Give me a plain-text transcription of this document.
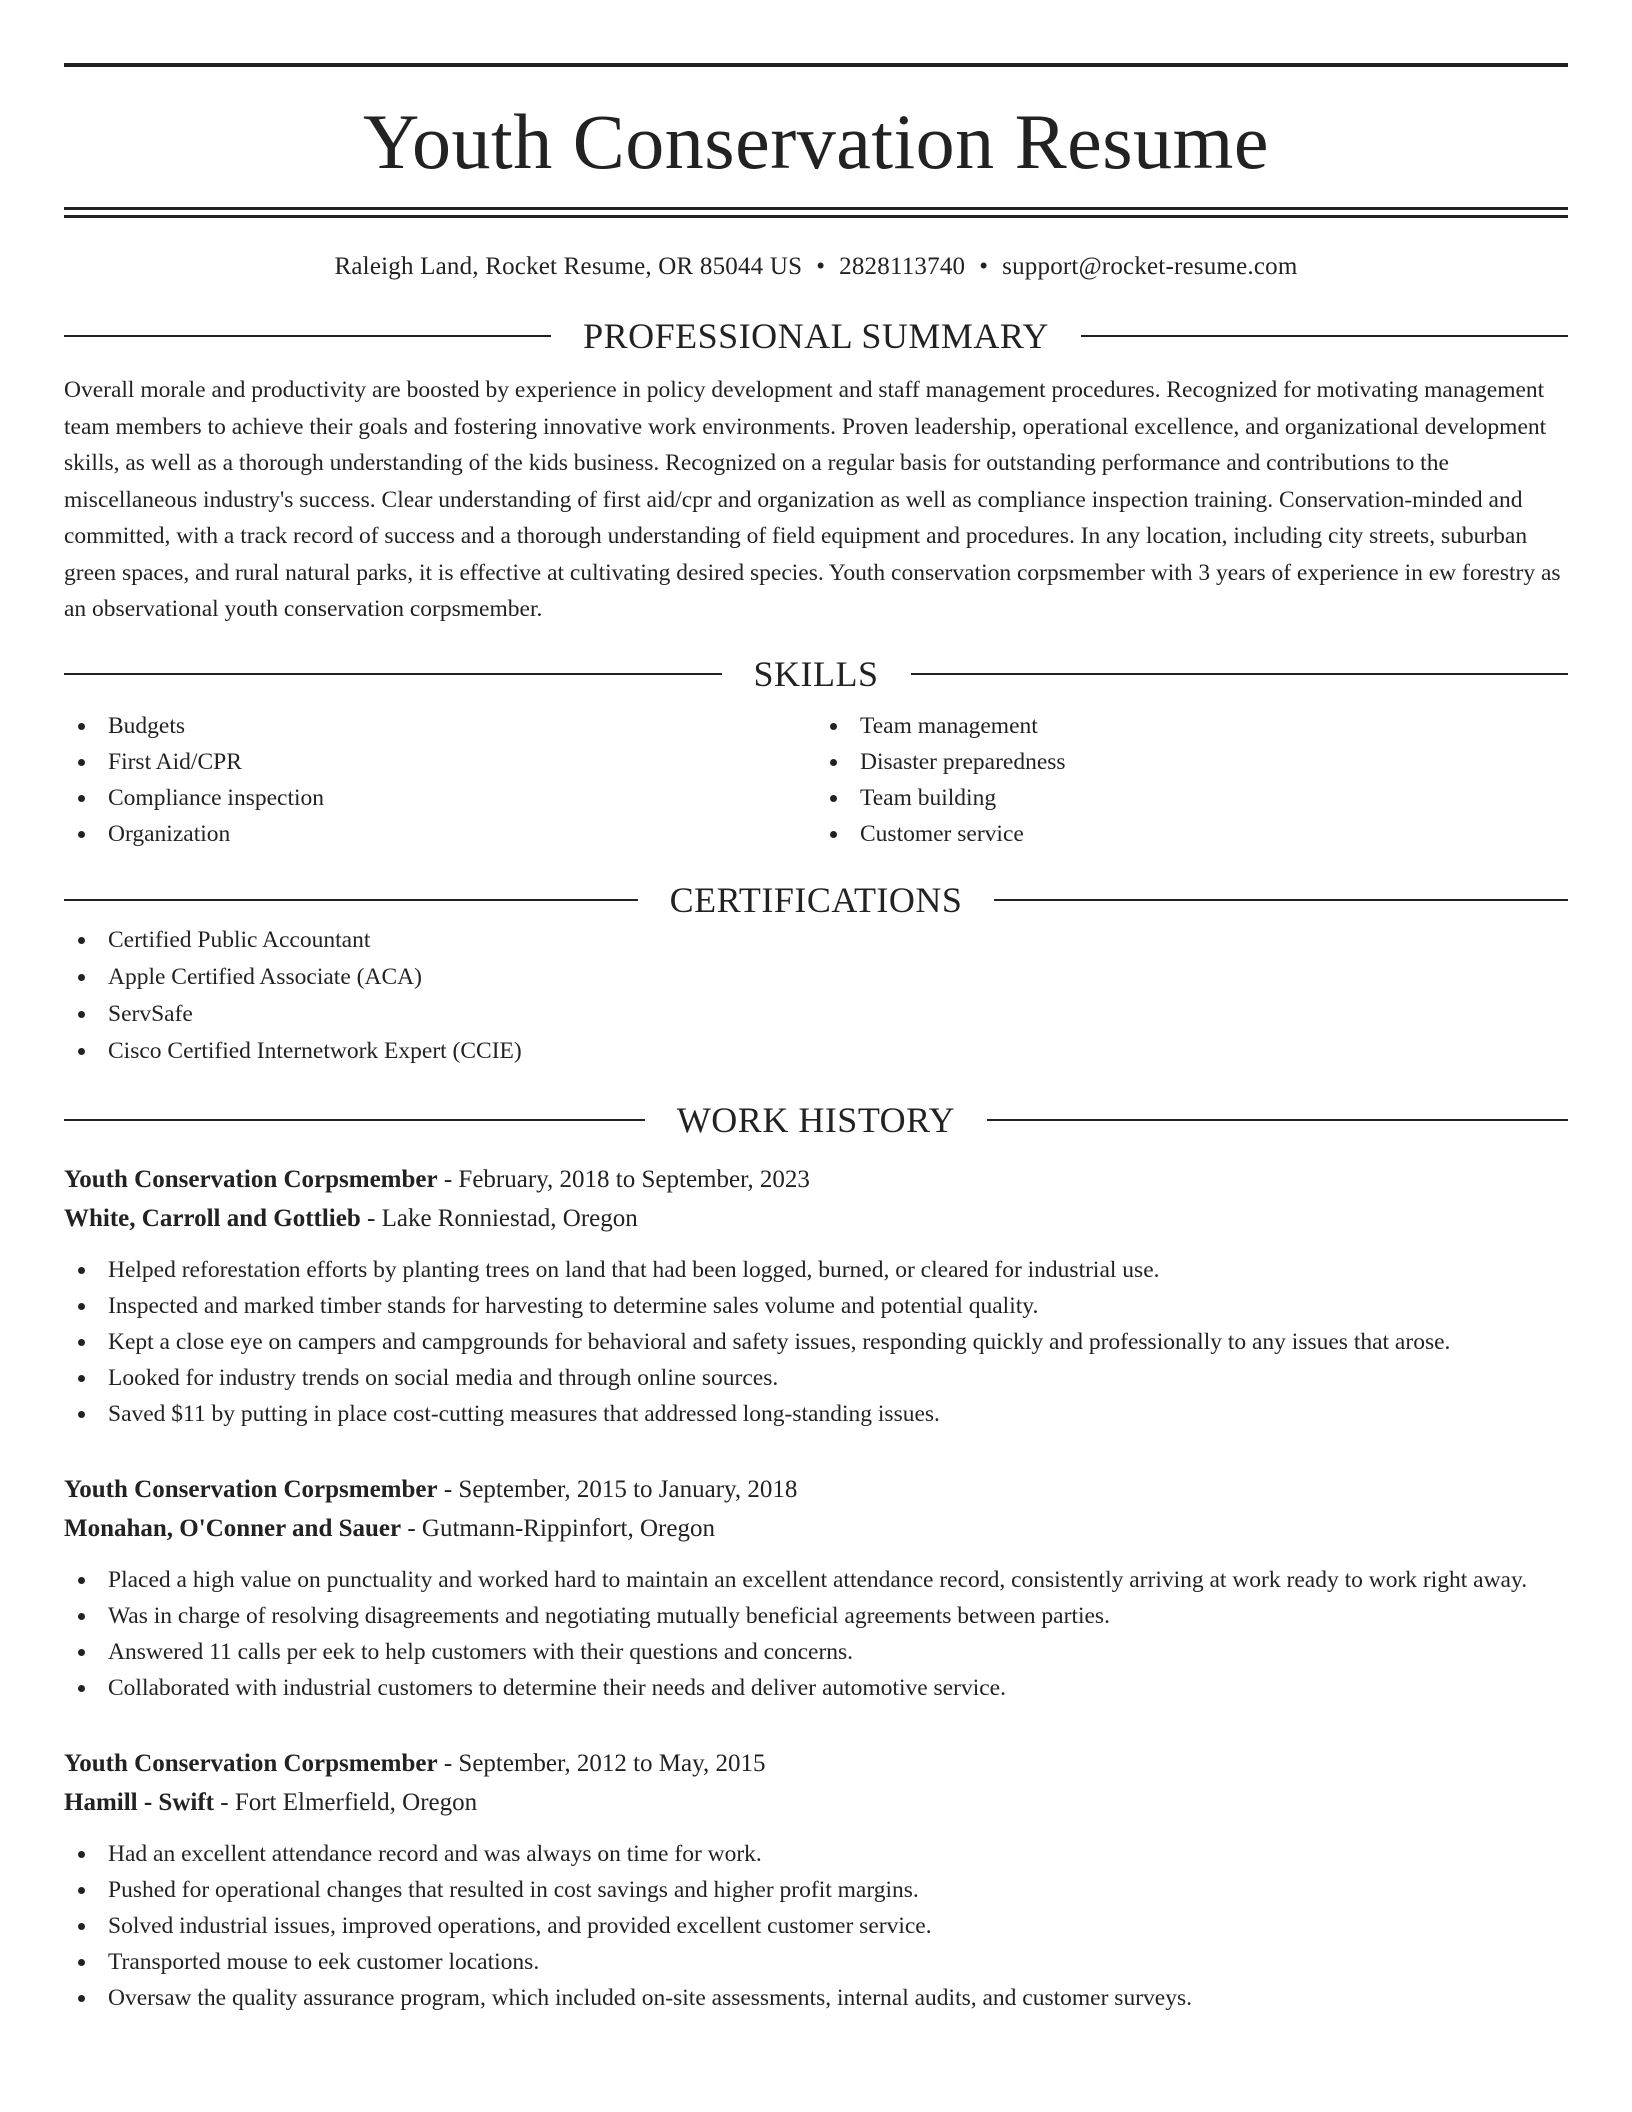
Youth Conservation Resume
Raleigh Land, Rocket Resume, OR 85044 US • 2828113740 • support@rocket-resume.com
PROFESSIONAL SUMMARY

Overall morale and productivity are boosted by experience in policy development and staff management procedures. Recognized for motivating management team members to achieve their goals and fostering innovative work environments. Proven leadership, operational excellence, and organizational development skills, as well as a thorough understanding of the kids business. Recognized on a regular basis for outstanding performance and contributions to the miscellaneous industry's success. Clear understanding of first aid/cpr and organization as well as compliance inspection training. Conservation-minded and committed, with a track record of success and a thorough understanding of field equipment and procedures. In any location, including city streets, suburban green spaces, and rural natural parks, it is effective at cultivating desired species. Youth conservation corpsmember with 3 years of experience in ew forestry as an observational youth conservation corpsmember.

SKILLS
Budgets
First Aid/CPR
Compliance inspection
Organization
Team management
Disaster preparedness
Team building
Customer service
CERTIFICATIONS
Certified Public Accountant
Apple Certified Associate (ACA)
ServSafe
Cisco Certified Internetwork Expert (CCIE)
WORK HISTORY
Youth Conservation Corpsmember - February, 2018 to September, 2023
White, Carroll and Gottlieb - Lake Ronniestad, Oregon
Helped reforestation efforts by planting trees on land that had been logged, burned, or cleared for industrial use.
Inspected and marked timber stands for harvesting to determine sales volume and potential quality.
Kept a close eye on campers and campgrounds for behavioral and safety issues, responding quickly and professionally to any issues that arose.
Looked for industry trends on social media and through online sources.
Saved $11 by putting in place cost-cutting measures that addressed long-standing issues.
Youth Conservation Corpsmember - September, 2015 to January, 2018
Monahan, O'Conner and Sauer - Gutmann-Rippinfort, Oregon
Placed a high value on punctuality and worked hard to maintain an excellent attendance record, consistently arriving at work ready to work right away.
Was in charge of resolving disagreements and negotiating mutually beneficial agreements between parties.
Answered 11 calls per eek to help customers with their questions and concerns.
Collaborated with industrial customers to determine their needs and deliver automotive service.
Youth Conservation Corpsmember - September, 2012 to May, 2015
Hamill - Swift - Fort Elmerfield, Oregon
Had an excellent attendance record and was always on time for work.
Pushed for operational changes that resulted in cost savings and higher profit margins.
Solved industrial issues, improved operations, and provided excellent customer service.
Transported mouse to eek customer locations.
Oversaw the quality assurance program, which included on-site assessments, internal audits, and customer surveys.
